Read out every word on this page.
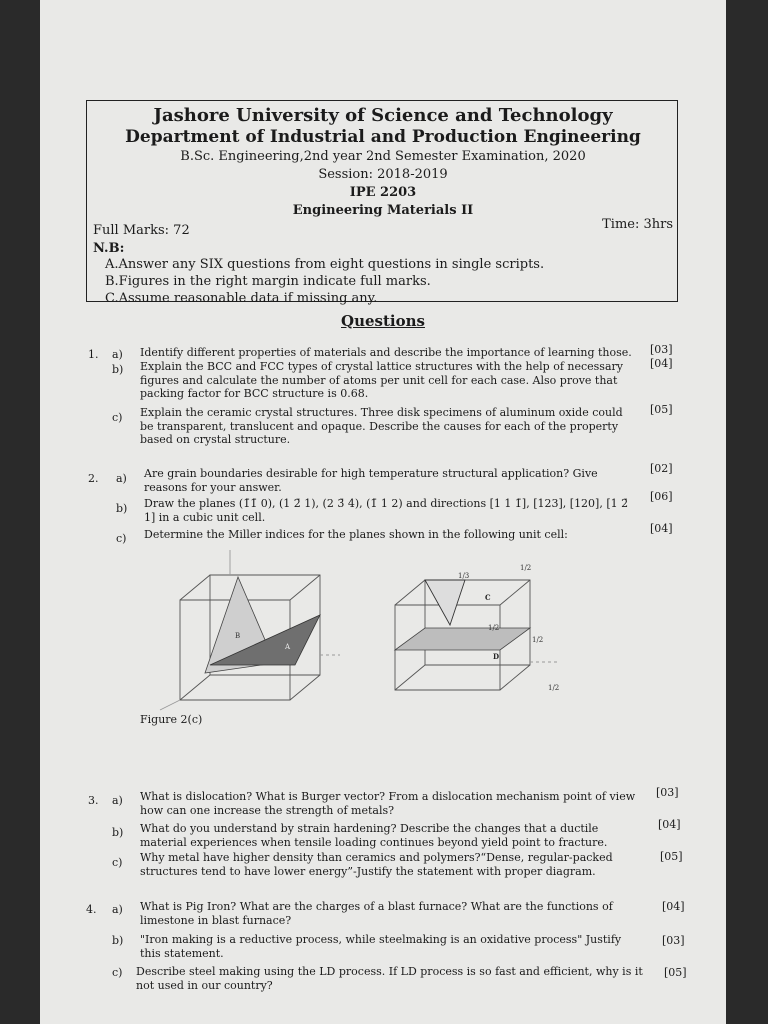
Jashore University of Science and Technology
Department of Industrial and Production Engineering
B.Sc. Engineering,2nd year 2nd Semester Examination, 2020
Session: 2018-2019
IPE 2203
Engineering Materials II
Full Marks: 72	Time: 3hrs
N.B:
A.Answer any SIX questions from eight questions in single scripts.
B.Figures in the right margin indicate full marks.
C.Assume reasonable data if missing any.
Questions
1. a) Identify different properties of materials and describe the importance of learning those.	[03]
b) Explain the BCC and FCC types of crystal lattice structures with the help of necessary figures and calculate the number of atoms per unit cell for each case. Also prove that packing factor for BCC structure is 0.68.
[04]
c) Explain the ceramic crystal structures. Three disk specimens of aluminum oxide could be transparent, translucent and opaque. Describe the causes for each of the property based on crystal structure.
[05]
2. a) Are grain boundaries desirable for high temperature structural application? Give reasons for your answer.
[02]
b) Draw the planes (1̄1̄ 0), (1 2̄ 1), (2 3̄ 4), (1̄ 1 2) and directions [1 1 1̄], [123], [120], [1 2̄ 1] in a cubic unit cell.
[06]
c) Determine the Miller indices for the planes shown in the following unit cell:	[04]
B
A
C
D
1/3
1/2
1/2
1/2
1/2
Figure 2(c)
3. a) What is dislocation? What is Burger vector? From a dislocation mechanism point of view how can one increase the strength of metals?
[03]
b) What do you understand by strain hardening? Describe the changes that a ductile material experiences when tensile loading continues beyond yield point to fracture.
[04]
c) Why metal have higher density than ceramics and polymers?“Dense, regular-packed structures tend to have lower energy”-Justify the statement with proper diagram.
[05]
4. a) What is Pig Iron? What are the charges of a blast furnace? What are the functions of limestone in blast furnace?
[04]
b) "Iron making is a reductive process, while steelmaking is an oxidative process" Justify this statement.
[03]
c) Describe steel making using the LD process. If LD process is so fast and efficient, why is it not used in our country?
[05]
